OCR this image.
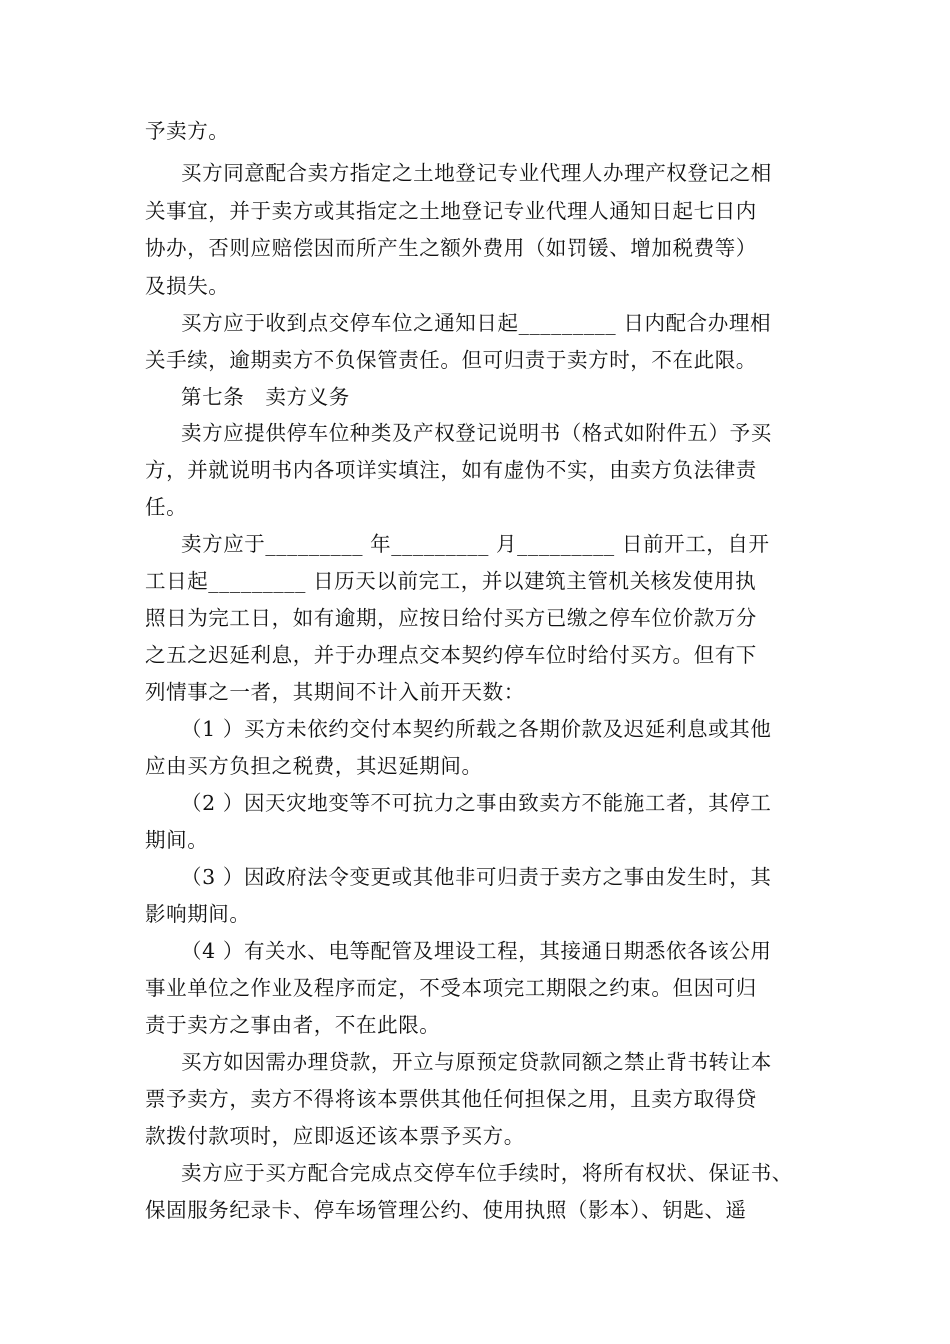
予卖方。
买方同意配合卖方指定之土地登记专业代理人办理产权登记之相
关事宜，并于卖方或其指定之土地登记专业代理人通知日起七日内
协办，否则应赔偿因而所产生之额外费用（如罚锾、增加税费等）
及损失。
买方应于收到点交停车位之通知日起_________ 日内配合办理相
关手续，逾期卖方不负保管责任。但可归责于卖方时，不在此限。
第七条　卖方义务
卖方应提供停车位种类及产权登记说明书（格式如附件五）予买
方，并就说明书内各项详实填注，如有虚伪不实，由卖方负法律责
任。
卖方应于_________ 年_________ 月_________ 日前开工，自开
工日起_________ 日历天以前完工，并以建筑主管机关核发使用执
照日为完工日，如有逾期，应按日给付买方已缴之停车位价款万分
之五之迟延利息，并于办理点交本契约停车位时给付买方。但有下
列情事之一者，其期间不计入前开天数：
（1 ）买方未依约交付本契约所载之各期价款及迟延利息或其他
应由买方负担之税费，其迟延期间。
（2 ）因天灾地变等不可抗力之事由致卖方不能施工者，其停工
期间。
（3 ）因政府法令变更或其他非可归责于卖方之事由发生时，其
影响期间。
（4 ）有关水、电等配管及埋设工程，其接通日期悉依各该公用
事业单位之作业及程序而定，不受本项完工期限之约束。但因可归
责于卖方之事由者，不在此限。
买方如因需办理贷款，开立与原预定贷款同额之禁止背书转让本
票予卖方，卖方不得将该本票供其他任何担保之用，且卖方取得贷
款拨付款项时，应即返还该本票予买方。
卖方应于买方配合完成点交停车位手续时，将所有权状、保证书、
保固服务纪录卡、停车场管理公约、使用执照（影本）、钥匙、遥
